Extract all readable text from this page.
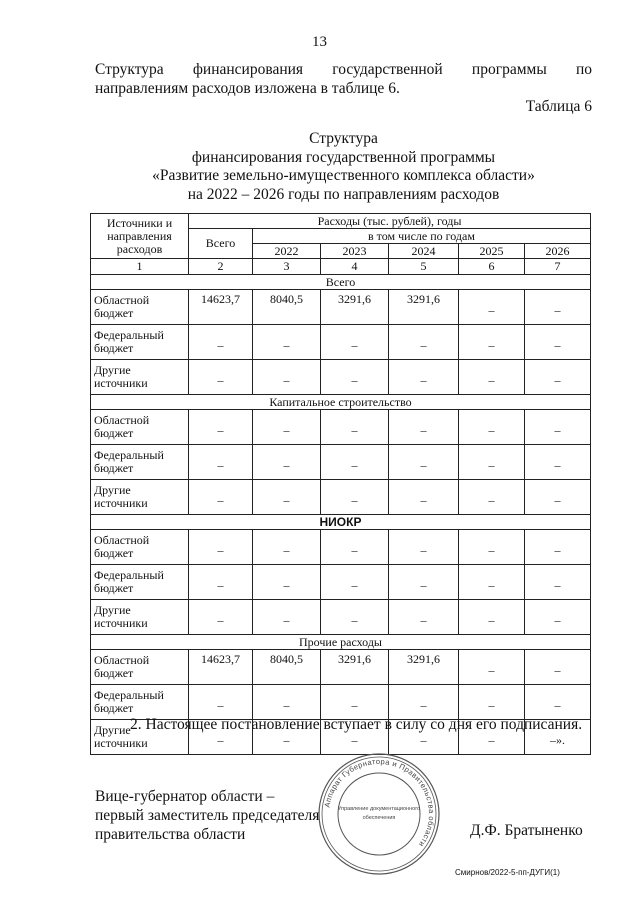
13
Структура финансирования государственной программы по
направлениям расходов изложена в таблице 6.
Таблица 6
Структура
финансирования государственной программы
«Развитие земельно-имущественного комплекса области»
на 2022 – 2026 годы по направлениям расходов
Источники и направления расходов	Расходы (тыс. рублей), годы					
	Всего	в том числе по годам				
		2022	2023	2024	2025	2026
1	2	3	4	5	6	7
Всего						
Областной бюджет	14623,7	8040,5	3291,6	3291,6	–	–
Федеральный бюджет	–	–	–	–	–	–
Другие источники	–	–	–	–	–	–
Капитальное строительство						
Областной бюджет	–	–	–	–	–	–
Федеральный бюджет	–	–	–	–	–	–
Другие источники	–	–	–	–	–	–
НИОКР						
Областной бюджет	–	–	–	–	–	–
Федеральный бюджет	–	–	–	–	–	–
Другие источники	–	–	–	–	–	–
Прочие расходы						
Областной бюджет	14623,7	8040,5	3291,6	3291,6	–	–
Федеральный бюджет	–	–	–	–	–	–
Другие источники	–	–	–	–	–	–».
2. Настоящее постановление вступает в силу со дня его подписания.
Вице-губернатор области –
первый заместитель председателя
правительства области
Аппарат Губернатора и Правительства области
Управление документационного
обеспечения
Д.Ф. Братыненко
Смирнов/2022-5-пп-ДУГИ(1)
